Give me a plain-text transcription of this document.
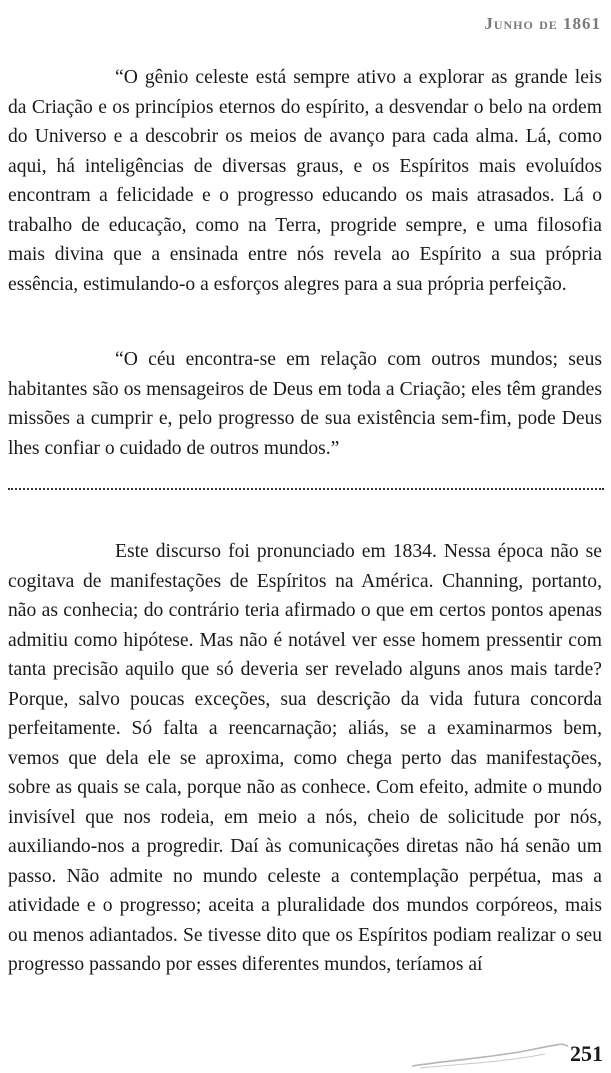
Junho de 1861

“O gênio celeste está sempre ativo a explorar as grande leis da Criação e os princípios eternos do espírito, a desvendar o belo na ordem do Universo e a descobrir os meios de avanço para cada alma. Lá, como aqui, há inteligências de diversas graus, e os Espíritos mais evoluídos encontram a felicidade e o progresso educando os mais atrasados. Lá o trabalho de educação, como na Terra, progride sempre, e uma filosofia mais divina que a ensinada entre nós revela ao Espírito a sua própria essência, estimulando-o a esforços alegres para a sua própria perfeição.

“O céu encontra-se em relação com outros mundos; seus habitantes são os mensageiros de Deus em toda a Criação; eles têm grandes missões a cumprir e, pelo progresso de sua existência sem-fim, pode Deus lhes confiar o cuidado de outros mundos.”

Este discurso foi pronunciado em 1834. Nessa época não se cogitava de manifestações de Espíritos na América. Channing, portanto, não as conhecia; do contrário teria afirmado o que em certos pontos apenas admitiu como hipótese. Mas não é notável ver esse homem pressentir com tanta precisão aquilo que só deveria ser revelado alguns anos mais tarde? Porque, salvo poucas exceções, sua descrição da vida futura concorda perfeitamente. Só falta a reencarnação; aliás, se a examinarmos bem, vemos que dela ele se aproxima, como chega perto das manifestações, sobre as quais se cala, porque não as conhece. Com efeito, admite o mundo invisível que nos rodeia, em meio a nós, cheio de solicitude por nós, auxiliando-nos a progredir. Daí às comunicações diretas não há senão um passo. Não admite no mundo celeste a contemplação perpétua, mas a atividade e o progresso; aceita a pluralidade dos mundos corpóreos, mais ou menos adiantados. Se tivesse dito que os Espíritos podiam realizar o seu progresso passando por esses diferentes mundos, teríamos aí

251
